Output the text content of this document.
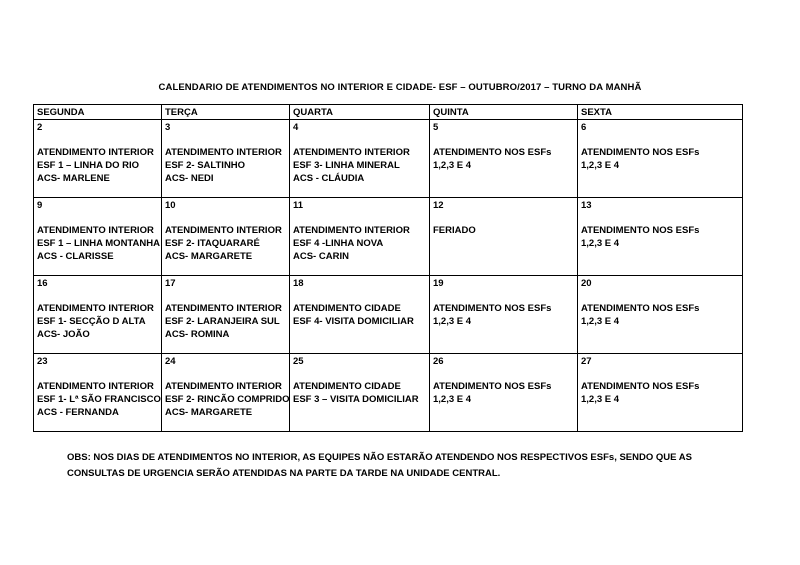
CALENDARIO DE ATENDIMENTOS NO INTERIOR E CIDADE- ESF – OUTUBRO/2017 – TURNO DA MANHÃ
SEGUNDA	TERÇA	QUARTA	QUINTA	SEXTA

2
ATENDIMENTO INTERIOR
ESF 1 – LINHA DO RIO
ACS- MARLENE	3
ATENDIMENTO INTERIOR
ESF 2- SALTINHO
ACS- NEDI	4
ATENDIMENTO INTERIOR
ESF 3- LINHA MINERAL
ACS - CLÁUDIA	5
ATENDIMENTO NOS ESFs
1,2,3 E 4	6
ATENDIMENTO NOS ESFs
1,2,3 E 4

9
ATENDIMENTO INTERIOR
ESF 1 – LINHA MONTANHA
ACS - CLARISSE	10
ATENDIMENTO INTERIOR
ESF 2- ITAQUARARÉ
ACS- MARGARETE	11
ATENDIMENTO INTERIOR
ESF 4 -LINHA NOVA
ACS- CARIN	12
FERIADO	13
ATENDIMENTO NOS ESFs
1,2,3 E 4

16
ATENDIMENTO INTERIOR
ESF 1- SECÇÃO D ALTA
ACS- JOÃO	17
ATENDIMENTO INTERIOR
ESF 2- LARANJEIRA SUL
ACS- ROMINA	18
ATENDIMENTO CIDADE
ESF 4- VISITA DOMICILIAR	19
ATENDIMENTO NOS ESFs
1,2,3 E 4	20
ATENDIMENTO NOS ESFs
1,2,3 E 4

23
ATENDIMENTO INTERIOR
ESF 1- Lª SÃO FRANCISCO
ACS - FERNANDA	24
ATENDIMENTO INTERIOR
ESF 2- RINCÃO COMPRIDO
ACS- MARGARETE	25
ATENDIMENTO CIDADE
ESF 3 – VISITA DOMICILIAR	26
ATENDIMENTO NOS ESFs
1,2,3 E 4	27
ATENDIMENTO NOS ESFs
1,2,3 E 4
OBS: NOS DIAS DE ATENDIMENTOS NO INTERIOR, AS EQUIPES NÃO ESTARÃO ATENDENDO NOS RESPECTIVOS ESFs, SENDO QUE AS CONSULTAS DE URGENCIA SERÃO ATENDIDAS NA PARTE DA TARDE NA UNIDADE CENTRAL.
